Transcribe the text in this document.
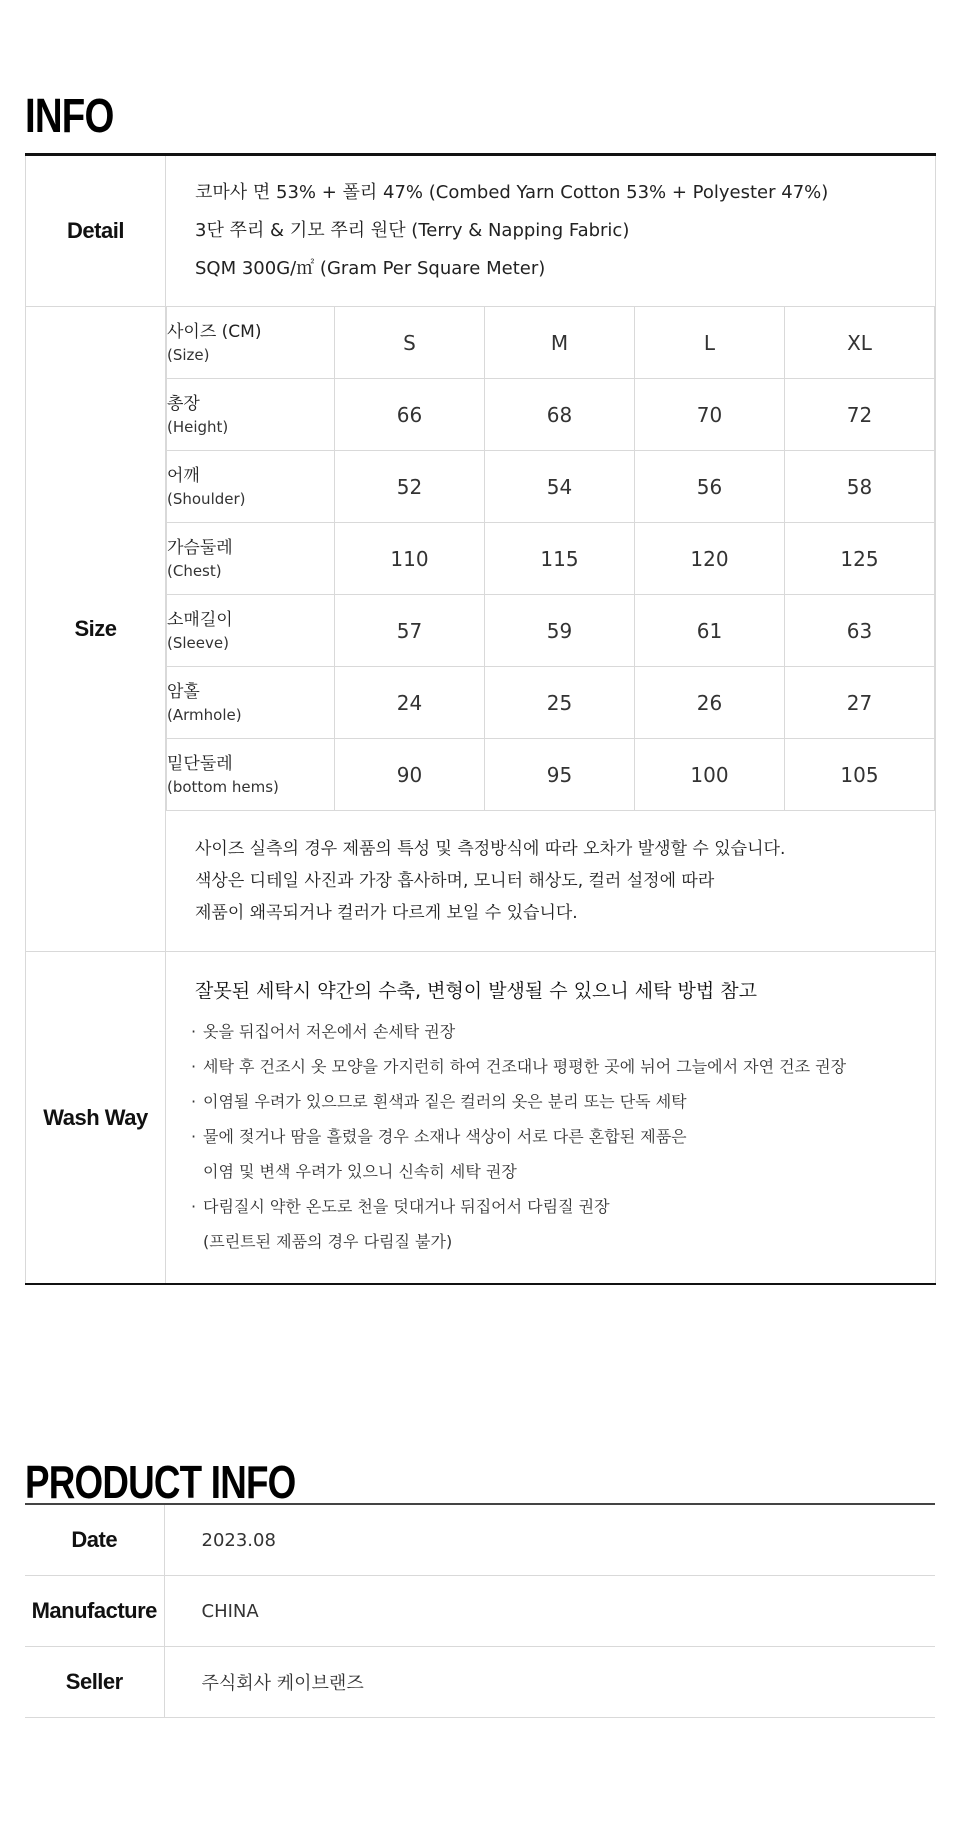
INFO
Detail	
코마사 면 53% + 폴리 47% (Combed Yarn Cotton 53% + Polyester 47%)
3단 쭈리 & 기모 쭈리 원단 (Terry & Napping Fabric)
SQM 300G/㎡ (Gram Per Square Meter)

Size	
사이즈 (CM)
(Size)	S	M	L	XL

총장
(Height)	66	68	70	72

어깨
(Shoulder)	52	54	56	58

가슴둘레
(Chest)	110	115	120	125

소매길이
(Sleeve)	57	59	61	63

암홀
(Armhole)	24	25	26	27

밑단둘레
(bottom hems)	90	95	100	105
사이즈 실측의 경우 제품의 특성 및 측정방식에 따라 오차가 발생할 수 있습니다.
색상은 디테일 사진과 가장 흡사하며, 모니터 해상도, 컬러 설정에 따라
제품이 왜곡되거나 컬러가 다르게 보일 수 있습니다.

Wash Way	
잘못된 세탁시 약간의 수축, 변형이 발생될 수 있으니 세탁 방법 참고
· 옷을 뒤집어서 저온에서 손세탁 권장
· 세탁 후 건조시 옷 모양을 가지런히 하여 건조대나 평평한 곳에 뉘어 그늘에서 자연 건조 권장
· 이염될 우려가 있으므로 흰색과 짙은 컬러의 옷은 분리 또는 단독 세탁
· 물에 젖거나 땀을 흘렸을 경우 소재나 색상이 서로 다른 혼합된 제품은
이염 및 변색 우려가 있으니 신속히 세탁 권장
· 다림질시 약한 온도로 천을 덧대거나 뒤집어서 다림질 권장
(프린트된 제품의 경우 다림질 불가)
PRODUCT INFO
Date	2023.08
Manufacture	CHINA
Seller	주식회사 케이브랜즈
